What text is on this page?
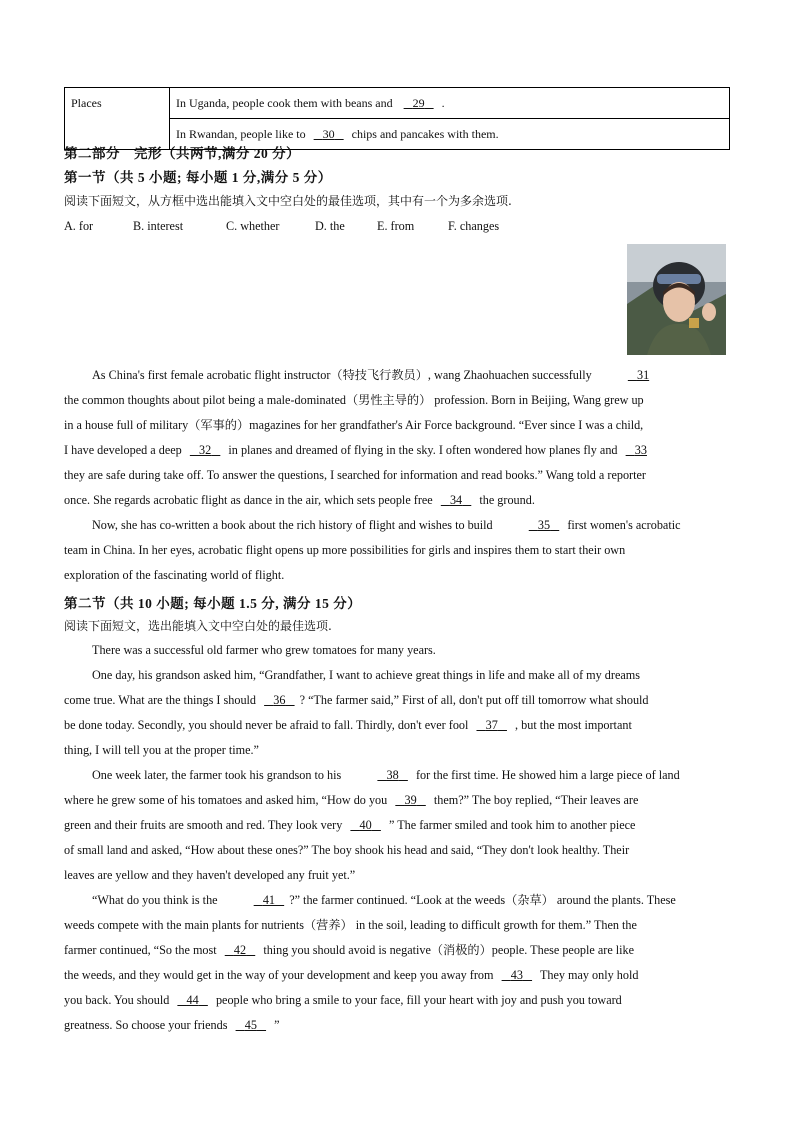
Places	In Uganda, people cook them with beans and 29 .
In Rwandan, people like to 30 chips and pancakes with them.
第二部分　完形（共两节,满分 20 分）
第一节（共 5 小题; 每小题 1 分,满分 5 分）
阅读下面短文，从方框中选出能填入文中空白处的最佳选项，其中有一个为多余选项.
A. for	B. interest	C. whether	D. the	E. from	F. changes
As China's first female acrobatic flight instructor（特技飞行教员）, wang Zhaohuachen successfully	31
the common thoughts about pilot being a male-dominated（男性主导的） profession. Born in Beijing, Wang grew up
in a house full of military（军事的）magazines for her grandfather's Air Force background. “Ever since I was a child,
I have developed a deep 32 in planes and dreamed of flying in the sky. I often wondered how planes fly and 33
they are safe during take off. To answer the questions, I searched for information and read books.” Wang told a reporter
once. She regards acrobatic flight as dance in the air, which sets people free 34 the ground.
Now, she has co-written a book about the rich history of flight and wishes to build	35 first women's acrobatic
team in China. In her eyes, acrobatic flight opens up more possibilities for girls and inspires them to start their own
exploration of the fascinating world of flight.
第二节（共 10 小题; 每小题 1.5 分, 满分 15 分）
阅读下面短文，选出能填入文中空白处的最佳选项.
There was a successful old farmer who grew tomatoes for many years.
One day, his grandson asked him, “Grandfather, I want to achieve great things in life and make all of my dreams
come true. What are the things I should 36 ? “The farmer said,” First of all, don't put off till tomorrow what should
be done today. Secondly, you should never be afraid to fall. Thirdly, don't ever fool 37 , but the most important
thing, I will tell you at the proper time.”
One week later, the farmer took his grandson to his	38 for the first time. He showed him a large piece of land
where he grew some of his tomatoes and asked him, “How do you 39 them?” The boy replied, “Their leaves are
green and their fruits are smooth and red. They look very 40 ” The farmer smiled and took him to another piece
of small land and asked, “How about these ones?” The boy shook his head and said, “They don't look healthy. Their
leaves are yellow and they haven't developed any fruit yet.”
“What do you think is the	41 ?” the farmer continued. “Look at the weeds（杂草） around the plants. These
weeds compete with the main plants for nutrients（营养） in the soil, leading to difficult growth for them.” Then the
farmer continued, “So the most 42 thing you should avoid is negative（消极的）people. These people are like
the weeds, and they would get in the way of your development and keep you away from 43 They may only hold
you back. You should 44 people who bring a smile to your face, fill your heart with joy and push you toward
greatness. So choose your friends 45 ”
